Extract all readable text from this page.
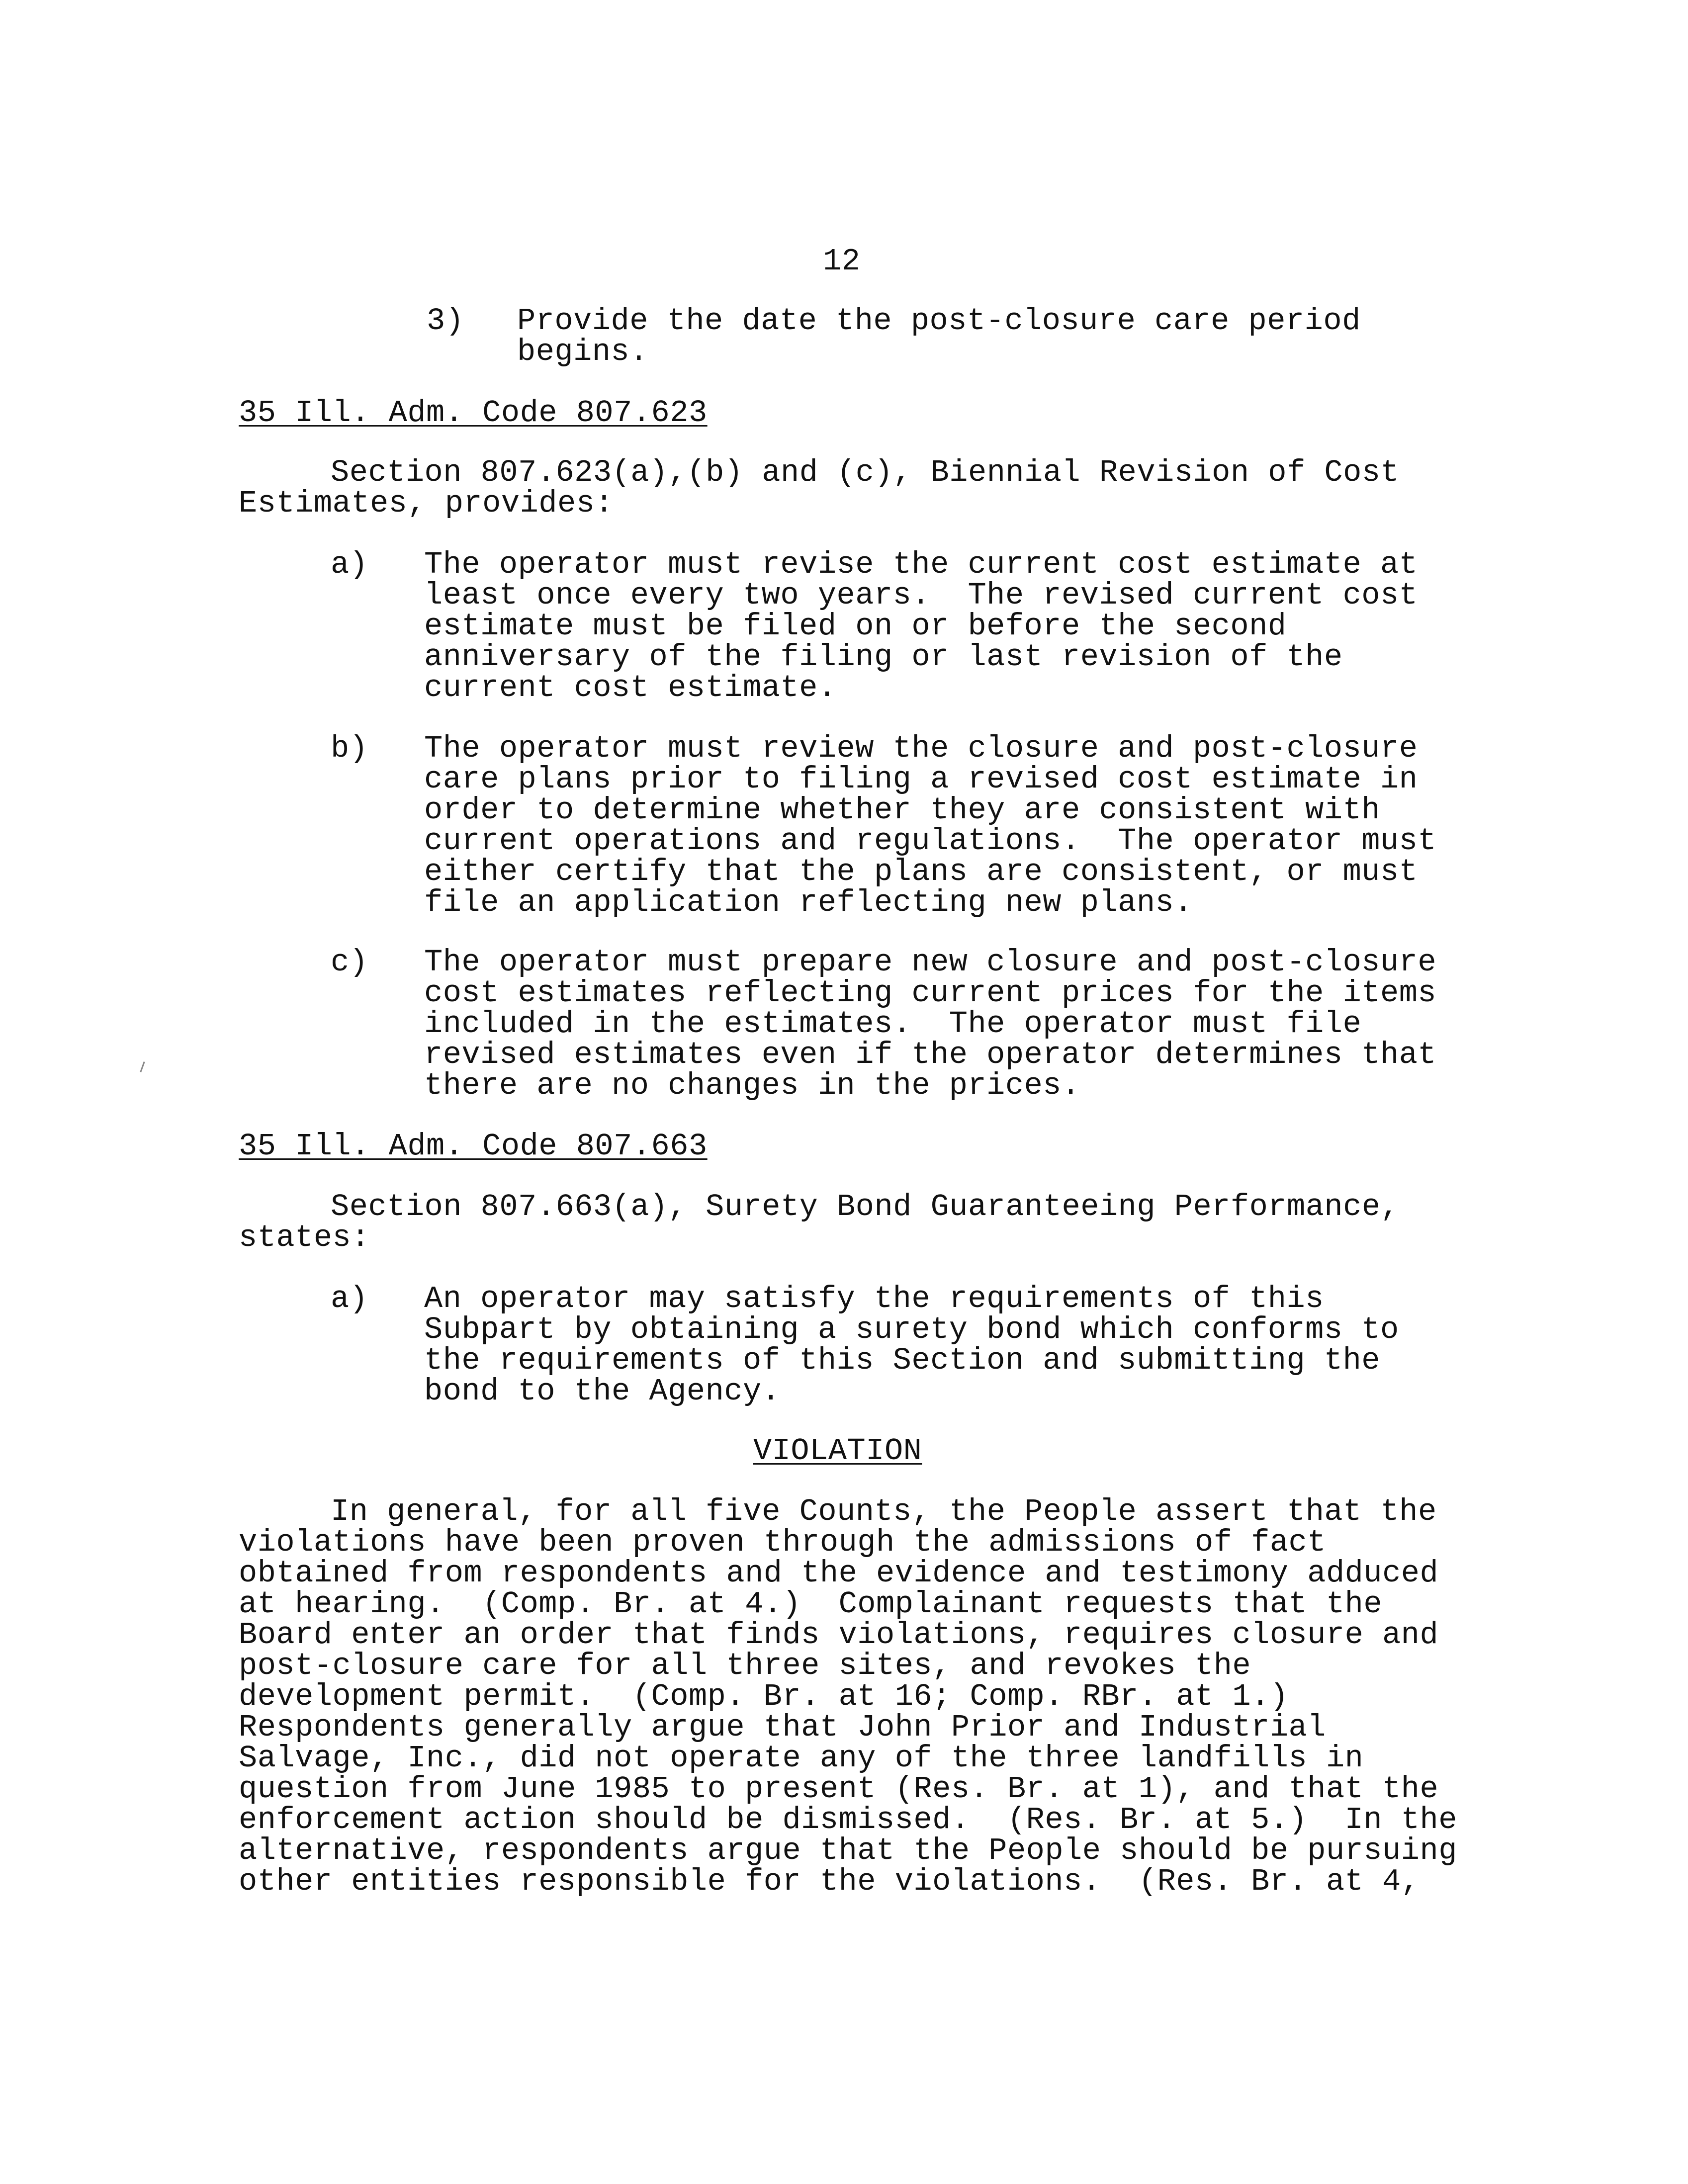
12
3) Provide the date the post-closure care period
begins.
35 Ill. Adm. Code 807.623
Section 807.623(a),(b) and (c), Biennial Revision of Cost
Estimates, provides:
a) The operator must revise the current cost estimate at
least once every two years.  The revised current cost
estimate must be filed on or before the second
anniversary of the filing or last revision of the
current cost estimate.
b) The operator must review the closure and post-closure
care plans prior to filing a revised cost estimate in
order to determine whether they are consistent with
current operations and regulations.  The operator must
either certify that the plans are consistent, or must
file an application reflecting new plans.
c) The operator must prepare new closure and post-closure
cost estimates reflecting current prices for the items
included in the estimates.  The operator must file
revised estimates even if the operator determines that
there are no changes in the prices.
35 Ill. Adm. Code 807.663
Section 807.663(a), Surety Bond Guaranteeing Performance,
states:
a) An operator may satisfy the requirements of this
Subpart by obtaining a surety bond which conforms to
the requirements of this Section and submitting the
bond to the Agency.
VIOLATION
In general, for all five Counts, the People assert that the
violations have been proven through the admissions of fact
obtained from respondents and the evidence and testimony adduced
at hearing.  (Comp. Br. at 4.)  Complainant requests that the
Board enter an order that finds violations, requires closure and
post-closure care for all three sites, and revokes the
development permit.  (Comp. Br. at 16; Comp. RBr. at 1.)
Respondents generally argue that John Prior and Industrial
Salvage, Inc., did not operate any of the three landfills in
question from June 1985 to present (Res. Br. at 1), and that the
enforcement action should be dismissed.  (Res. Br. at 5.)  In the
alternative, respondents argue that the People should be pursuing
other entities responsible for the violations.  (Res. Br. at 4,
